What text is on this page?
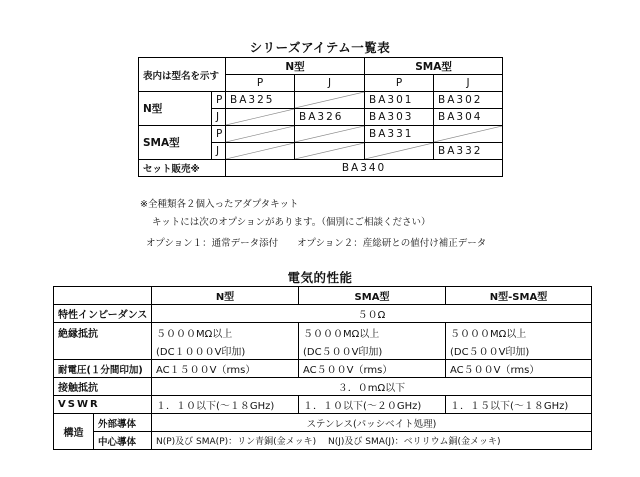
シリーズアイテム一覧表
表内は型名を示す		N型		SMA型	
		P	J	P	J
N型	P	BA325		BA301	BA302
	J		BA326	BA303	BA304
SMA型	P			BA331	

	J				BA332
セット販売※		BA340			
※全種類各２個入ったアダプタキット
キットには次のオプションがあります。（個別にご相談ください）
オプション１：通常データ添付　　オプション２：産総研との値付け補正データ
電気的性能
		N型	SMA型	N型-SMA型
特性インピーダンス		５０Ω		
絶縁抵抗		５０００MΩ以上	５０００MΩ以上	５０００MΩ以上
		(DC１０００V印加)	(DC５００V印加)	(DC５００V印加)
耐電圧(１分間印加)		AC１５００V（rms）	AC５００V（rms）	AC５００V（rms）
接触抵抗		３．０mΩ以下		
VSWR		１．１０以下(～１８GHz)	１．１０以下(～２０GHz)	１．１５以下(～１８GHz)
構造	外部導体	ステンレス(パッシベイト処理)		
	中心導体	N(P)及び SMA(P)：リン青銅(金メッキ)　 N(J)及び SMA(J)：ベリリウム銅(金メッキ)		
